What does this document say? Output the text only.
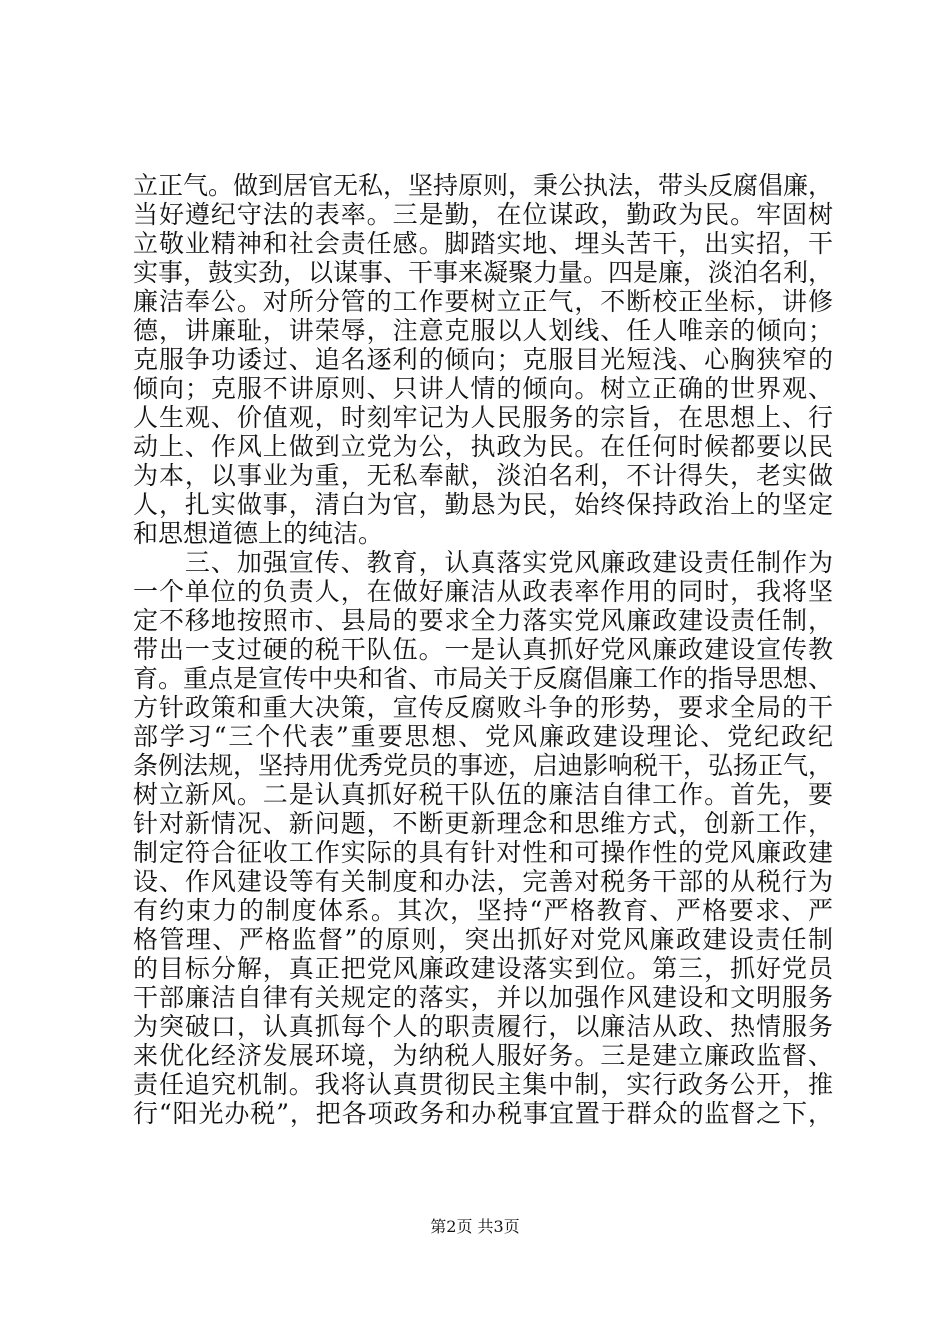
立正气。做到居官无私，坚持原则，秉公执法，带头反腐倡廉，
当好遵纪守法的表率。三是勤，在位谋政，勤政为民。牢固树
立敬业精神和社会责任感。脚踏实地、埋头苦干，出实招，干
实事，鼓实劲，以谋事、干事来凝聚力量。四是廉，淡泊名利，
廉洁奉公。对所分管的工作要树立正气，不断校正坐标，讲修
德，讲廉耻，讲荣辱，注意克服以人划线、任人唯亲的倾向；
克服争功诿过、追名逐利的倾向；克服目光短浅、心胸狭窄的
倾向；克服不讲原则、只讲人情的倾向。树立正确的世界观、
人生观、价值观，时刻牢记为人民服务的宗旨，在思想上、行
动上、作风上做到立党为公，执政为民。在任何时候都要以民
为本，以事业为重，无私奉献，淡泊名利，不计得失，老实做
人，扎实做事，清白为官，勤恳为民，始终保持政治上的坚定
和思想道德上的纯洁。
　　三、加强宣传、教育，认真落实党风廉政建设责任制作为
一个单位的负责人，在做好廉洁从政表率作用的同时，我将坚
定不移地按照市、县局的要求全力落实党风廉政建设责任制，
带出一支过硬的税干队伍。一是认真抓好党风廉政建设宣传教
育。重点是宣传中央和省、市局关于反腐倡廉工作的指导思想、
方针政策和重大决策，宣传反腐败斗争的形势，要求全局的干
部学习“三个代表”重要思想、党风廉政建设理论、党纪政纪
条例法规，坚持用优秀党员的事迹，启迪影响税干，弘扬正气，
树立新风。二是认真抓好税干队伍的廉洁自律工作。首先，要
针对新情况、新问题，不断更新理念和思维方式，创新工作，
制定符合征收工作实际的具有针对性和可操作性的党风廉政建
设、作风建设等有关制度和办法，完善对税务干部的从税行为
有约束力的制度体系。其次，坚持“严格教育、严格要求、严
格管理、严格监督”的原则，突出抓好对党风廉政建设责任制
的目标分解，真正把党风廉政建设落实到位。第三，抓好党员
干部廉洁自律有关规定的落实，并以加强作风建设和文明服务
为突破口，认真抓每个人的职责履行，以廉洁从政、热情服务
来优化经济发展环境，为纳税人服好务。三是建立廉政监督、
责任追究机制。我将认真贯彻民主集中制，实行政务公开，推
行“阳光办税”，把各项政务和办税事宜置于群众的监督之下，
第2页 共3页
